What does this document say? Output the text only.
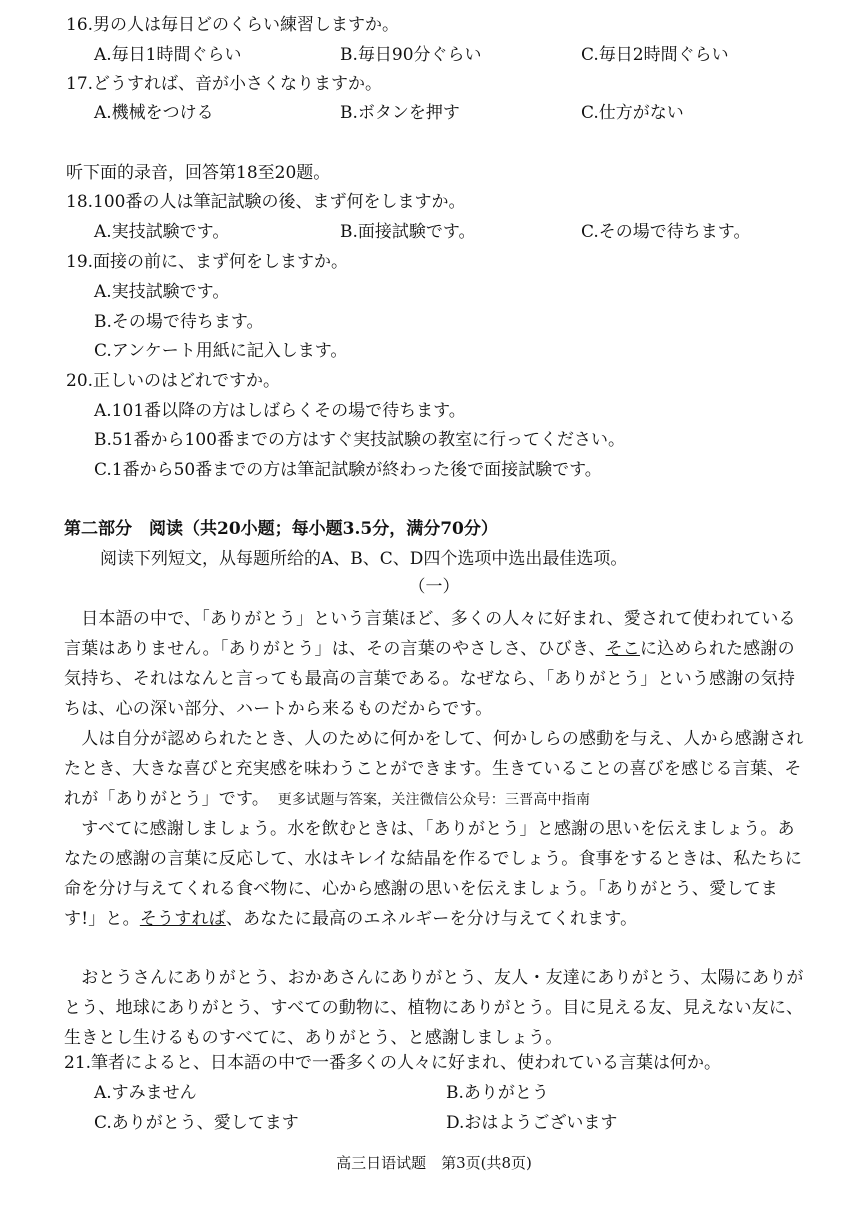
16.男の人は毎日どのくらい練習しますか。
A.毎日1時間ぐらい	B.毎日90分ぐらい	C.毎日2時間ぐらい
17.どうすれば、音が小さくなりますか。
A.機械をつける	B.ボタンを押す	C.仕方がない
听下面的录音，回答第18至20题。
18.100番の人は筆記試験の後、まず何をしますか。
A.実技試験です。	B.面接試験です。	C.その場で待ちます。
19.面接の前に、まず何をしますか。
A.実技試験です。
B.その場で待ちます。
C.アンケート用紙に記入します。
20.正しいのはどれですか。
A.101番以降の方はしばらくその場で待ちます。
B.51番から100番までの方はすぐ実技試験の教室に行ってください。
C.1番から50番までの方は筆記試験が終わった後で面接試験です。
第二部分　阅读（共20小题；每小题3.5分，满分70分）
阅读下列短文，从每题所给的A、B、C、D四个选项中选出最佳选项。
（一）
　日本語の中で、「ありがとう」という言葉ほど、多くの人々に好まれ、愛されて使われている言葉はありません。「ありがとう」は、その言葉のやさしさ、ひびき、そこに込められた感謝の気持ち、それはなんと言っても最高の言葉である。なぜなら、「ありがとう」という感謝の気持ちは、心の深い部分、ハートから来るものだからです。
　人は自分が認められたとき、人のために何かをして、何かしらの感動を与え、人から感謝されたとき、大きな喜びと充実感を味わうことができます。生きていることの喜びを感じる言葉、それが「ありがとう」です。　 更多试题与答案，关注微信公众号：三晋高中指南
　すべてに感謝しましょう。水を飲むときは、「ありがとう」と感謝の思いを伝えましょう。あなたの感謝の言葉に反応して、水はキレイな結晶を作るでしょう。食事をするときは、私たちに命を分け与えてくれる食べ物に、心から感謝の思いを伝えましょう。「ありがとう、愛してます!」と。そうすれば、あなたに最高のエネルギーを分け与えてくれます。
　おとうさんにありがとう、おかあさんにありがとう、友人・友達にありがとう、太陽にありがとう、地球にありがとう、すべての動物に、植物にありがとう。目に見える友、見えない友に、生きとし生けるものすべてに、ありがとう、と感謝しましょう。
21.筆者によると、日本語の中で一番多くの人々に好まれ、使われている言葉は何か。
A.すみません	B.ありがとう
C.ありがとう、愛してます	D.おはようございます
高三日语试题　第3页(共8页)
